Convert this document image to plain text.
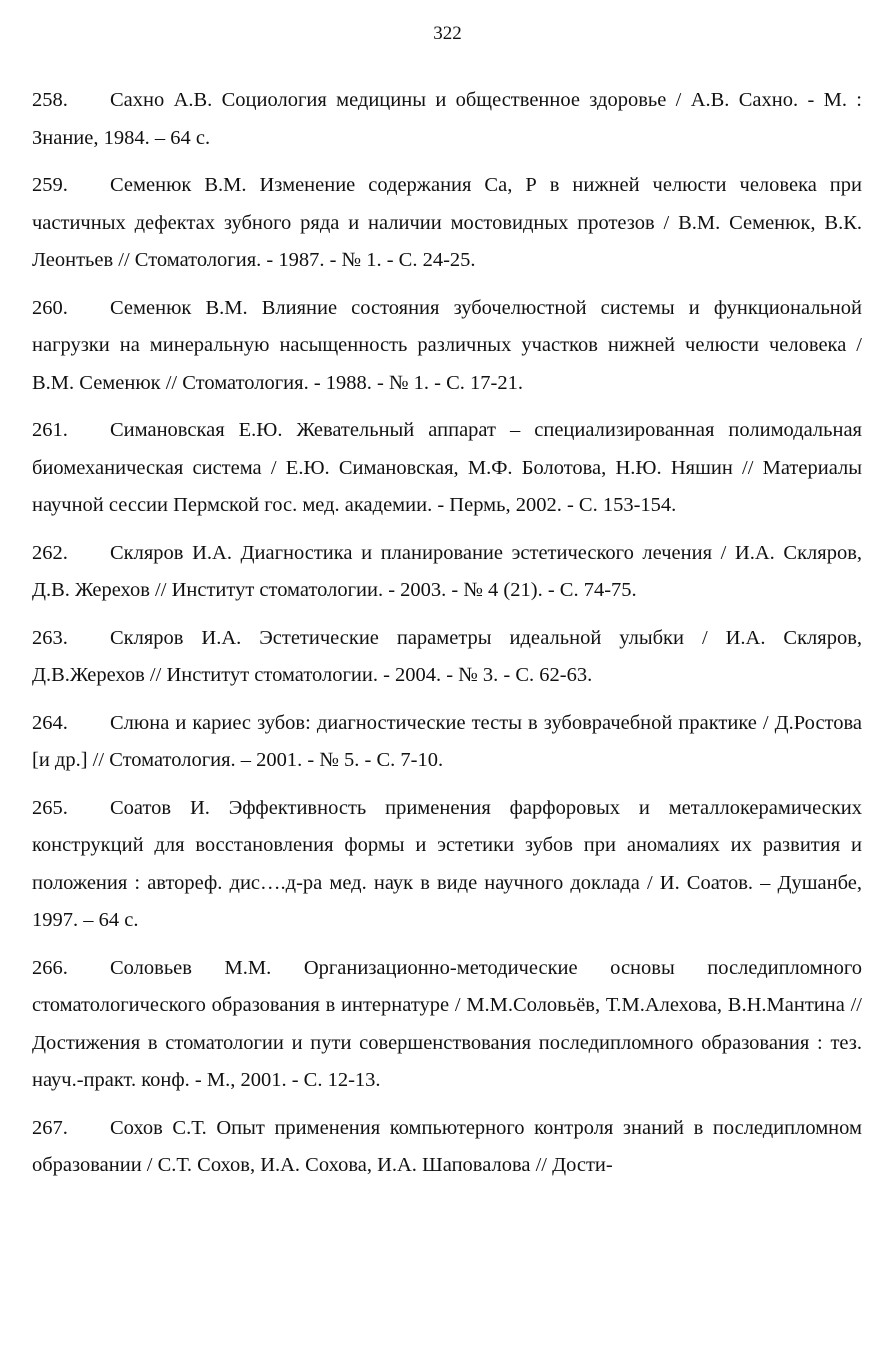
322

258. Сахно А.В. Социология медицины и общественное здоровье / А.В. Сахно. - М. : Знание, 1984. – 64 с.

259. Семенюк В.М. Изменение содержания Са, Р в нижней челюсти человека при частичных дефектах зубного ряда и наличии мостовидных протезов / В.М. Семенюк, В.К. Леонтьев // Стоматология. - 1987. - № 1. - С. 24-25.

260. Семенюк В.М. Влияние состояния зубочелюстной системы и функциональной нагрузки на минеральную насыщенность различных участков нижней челюсти человека / В.М. Семенюк // Стоматология. - 1988. - № 1. - С. 17-21.

261. Симановская Е.Ю. Жевательный аппарат – специализированная полимодальная биомеханическая система / Е.Ю. Симановская, М.Ф. Болотова, Н.Ю. Няшин // Материалы научной сессии Пермской гос. мед. академии. - Пермь, 2002. - С. 153-154.

262. Скляров И.А. Диагностика и планирование эстетического лечения / И.А. Скляров, Д.В. Жерехов // Институт стоматологии. - 2003. - № 4 (21). - С. 74-75.

263. Скляров И.А. Эстетические параметры идеальной улыбки / И.А. Скляров, Д.В.Жерехов // Институт стоматологии. - 2004. - № 3. - С. 62-63.

264. Слюна и кариес зубов: диагностические тесты в зубоврачебной практике / Д.Ростова [и др.] // Стоматология. – 2001. - № 5. - С. 7-10.

265. Соатов И. Эффективность применения фарфоровых и металлокерамических конструкций для восстановления формы и эстетики зубов при аномалиях их развития и положения : автореф. дис….д-ра мед. наук в виде научного доклада / И. Соатов. – Душанбе, 1997. – 64 с.

266. Соловьев М.М. Организационно-методические основы последипломного стоматологического образования в интернатуре / М.М.Соловьёв, Т.М.Алехова, В.Н.Мантина // Достижения в стоматологии и пути совершенствования последипломного образования : тез. науч.-практ. конф. - М., 2001. - С. 12-13.

267. Сохов С.Т. Опыт применения компьютерного контроля знаний в последипломном образовании / С.Т. Сохов, И.А. Сохова, И.А. Шаповалова // Дости-
